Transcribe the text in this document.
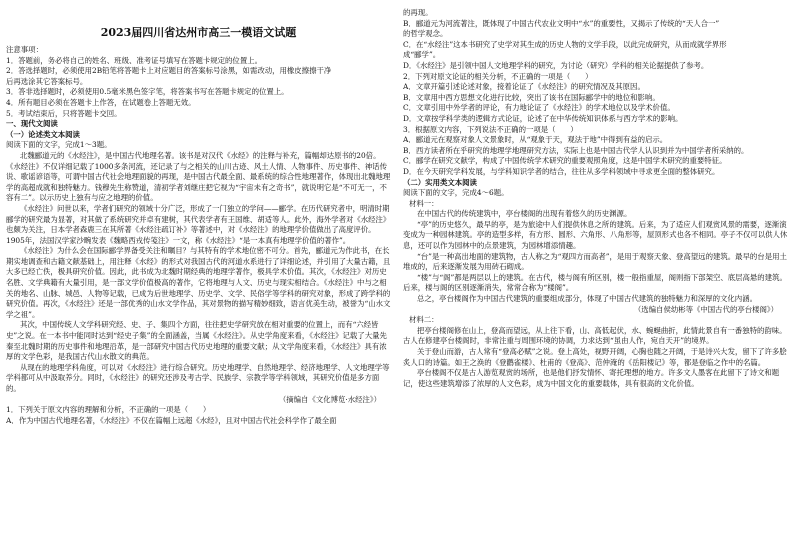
2023届四川省达州市高三一模语文试题
注意事项：
1．答题前，务必将自己的姓名、班级、准考证号填写在答题卡规定的位置上。
2．答选择题时，必须使用2B铅笔将答题卡上对应题目的答案标号涂黑，如需改动，用橡皮擦擦干净
后再选涂其它答案标号。
3．答非选择题时，必须使用0.5毫米黑色签字笔，将答案书写在答题卡规定的位置上。
4．所有题目必须在答题卡上作答，在试题卷上答题无效。
5．考试结束后，只将答题卡交回。
一、现代文阅读
（一）论述类文本阅读
阅读下面的文字，完成1～3题。
北魏郦道元的《水经注》，是中国古代地理名著。该书是对汉代《水经》的注释与补充，篇幅却达原书的20倍。《水经注》不仅详细记载了1000多条河流，还记录了与之相关的山川古迹、风土人情、人物事件、历史事件、神话传说、歌谣谚语等，可谓中国古代社会地理面貌的再现，是中国古代最全面、最系统的综合性地理著作，体现出北魏地理学的高超成就和独特魅力。钱穆先生称赞道，清初学者刘继庄把它视为“宇宙未有之奇书”，就说明它是“不可无一，不容有二”。以示历史上独有与应之地理的价值。
《水经注》问世以来，学者们研究的领域十分广泛，形成了一门独立的学问——郦学。在历代研究者中，明清时期郦学的研究最为显著，对其做了系统研究并卓有建树，其代表学者有王国维、胡适等人。此外，海外学者对《水经注》也颇为关注，日本学者森鹿三在其所著《水经注疏订补》等著述中，对《水经注》的地理学价值做出了高度评价。1905年，法国汉学家沙畹发表《魏略西戎传笺注》一文，称《水经注》“是一本真有地理学价值的著作”。
《水经注》为什么会在国际郦学界备受关注和瞩目？与其特有的学术地位密不可分。首先，郦道元为作此书，在长期实地调查和古籍文献基础上，用注释《水经》的形式对我国古代的河道水系进行了详细论述，并引用了大量古籍，且大多已经亡佚，极具研究价值。因此，此书成为北魏时期经典的地理学著作，极具学术价值。其次，《水经注》对历史名胜、文学典籍有大量引用，是一部文学价值极高的著作，它将地理与人文、历史与现实相结合。《水经注》中与之相关的地名、山脉、城邑、人物等记载，已成为后世地理学、历史学、文学、民俗学等学科的研究对象，形成了跨学科的研究价值。再次，《水经注》还是一部优秀的山水文学作品，其对景物的描写精妙细致，语言优美生动，被誉为“山水文学之祖”。
其次，中国传统人文学科研究经、史、子、集四个方面，往往把史学研究放在相对重要的位置上，而有“六经皆史”之说。在一本书中能同时达到“经史子集”的全面涵盖，当属《水经注》。从史学角度来看，《水经注》记载了大量先秦至北魏时期的历史事件和地理沿革，是一部研究中国古代历史地理的重要文献；从文学角度来看，《水经注》具有浓厚的文学色彩，是我国古代山水散文的典范。
从现在的地理学科角度，可以对《水经注》进行综合研究。历史地理学、自然地理学、经济地理学、人文地理学等学科都可从中汲取养分。同时，《水经注》的研究还涉及考古学、民族学、宗教学等学科领域，其研究价值是多方面的。
（摘编自《文化博览·水经注》）
1．下列关于原文内容的理解和分析，不正确的一项是（　　）
A．作为中国古代地理名著，《水经注》不仅在篇幅上远超《水经》，且对中国古代社会科学作了最全面
的再现。
B．郦道元为河流著注，既体现了中国古代农业文明中“水”的重要性，又揭示了传统的“天人合一”
的哲学观念。
C．在“水经注”这本书研究了史学对其生成的历史人物的文学手段，以此完成研究，从而成就学界形
成“郦学”。
D．《水经注》是引领中国人文地理学科的研究，为讨论（研究）学科的相关论据提供了参考。
2．下列对原文论证的相关分析，不正确的一项是（　　）
A．文章开篇引述论述对象，接着论证了《水经注》的研究情况及其原因。
B．文章用中西方思想文化进行比较，突出了该书在国际郦学中的地位和影响。
C．文章引用中外学者的评论，有力地论证了《水经注》的学术地位以及学术价值。
D．文章按学科学类的逻辑方式论证，论述了在中华传统知识体系与西方学术的影响。
3．根据原文内容，下列说法不正确的一项是（　　）
A．郦道元在观察对象人文景象时，从“观象于天，观法于地”中得到有益的启示。
B．西方读者所在乎研究的地理学地理研究方法，实际上也是中国古代学人认识到并为中国学者所采纳的。
C．郦学在研究文献学，构成了中国传统学术研究的重要观照角度，这是中国学术研究的重要特征。
D．在今天研究学科发展，与学科知识学者的结合，往往从多学科领域中寻求更全面的整体研究。
（二）实用类文本阅读
阅读下面的文字，完成4～6题。
材料一：
在中国古代的传统建筑中，亭台楼阁的出现有着悠久的历史渊源。
“亭”的历史悠久，最早的亭，是为旅途中人们提供休息之所的建筑。后来，为了适应人们观赏风景的需要，逐渐演变成为一种园林建筑。亭的造型多样，有方形、圆形、六角形、八角形等，屋顶形式也各不相同。亭子不仅可以供人休息，还可以作为园林中的点景建筑，为园林增添情趣。
“台”是一种高出地面的建筑物，古人称之为“观四方而高者”，是用于观察天象、登高望远的建筑。最早的台是用土堆成的，后来逐渐发展为用砖石砌成。
“楼”与“阁”都是两层以上的建筑。在古代，楼与阁有所区别，楼一般指重屋，阁则指下部架空、底层高悬的建筑。后来，楼与阁的区别逐渐消失，常常合称为“楼阁”。
总之，亭台楼阁作为中国古代建筑的重要组成部分，体现了中国古代建筑的独特魅力和深厚的文化内涵。
（选编自侯幼彬等《中国古代的亭台楼阁》）
材料二：
把亭台楼阁修在山上，登高而望远，从上往下看，山、高低起伏，水、蜿蜒曲折，此情此景自有一番独特的韵味。古人在修建亭台楼阁时，非常注重与周围环境的协调，力求达到“虽由人作，宛自天开”的境界。
关于登山而游，古人常有“登高必赋”之说。登上高处，视野开阔，心胸也随之开阔，于是诗兴大发，留下了许多脍炙人口的诗篇。如王之涣的《登鹳雀楼》、杜甫的《登高》、范仲淹的《岳阳楼记》等，都是登临之作中的名篇。
亭台楼阁不仅是古人游览观赏的场所，也是他们抒发情怀、寄托理想的地方。许多文人墨客在此留下了诗文和题记，使这些建筑增添了浓厚的人文色彩，成为中国文化的重要载体，具有很高的文化价值。
